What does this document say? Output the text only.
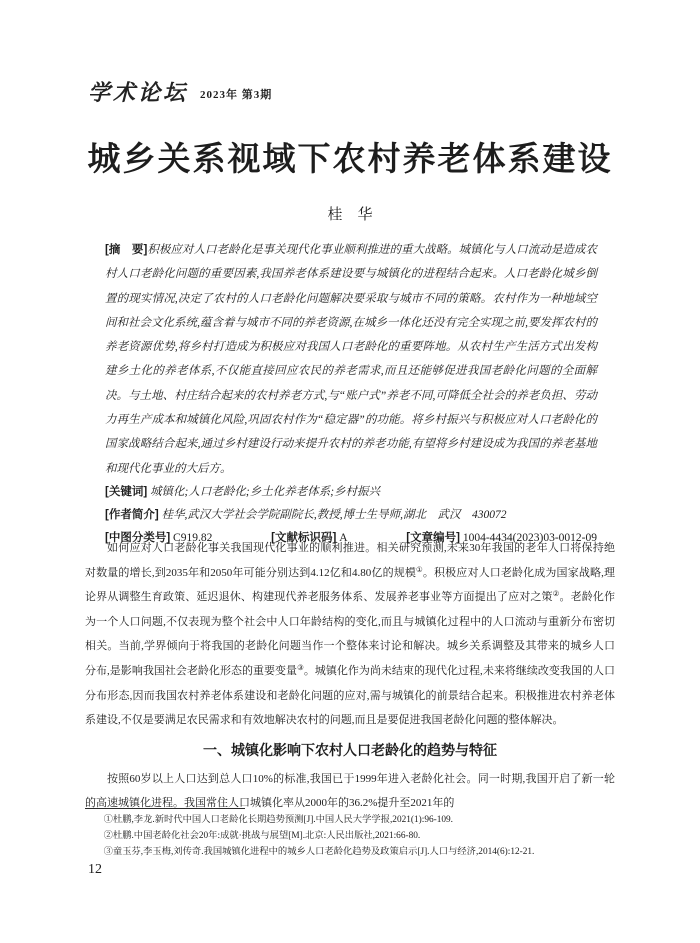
学术论坛 2023年 第3期
城乡关系视域下农村养老体系建设
桂　华

[摘　要]积极应对人口老龄化是事关现代化事业顺利推进的重大战略。城镇化与人口流动是造成农村人口老龄化问题的重要因素,我国养老体系建设要与城镇化的进程结合起来。人口老龄化城乡倒置的现实情况,决定了农村的人口老龄化问题解决要采取与城市不同的策略。农村作为一种地域空间和社会文化系统,蕴含着与城市不同的养老资源,在城乡一体化还没有完全实现之前,要发挥农村的养老资源优势,将乡村打造成为积极应对我国人口老龄化的重要阵地。从农村生产生活方式出发构建乡土化的养老体系,不仅能直接回应农民的养老需求,而且还能够促进我国老龄化问题的全面解决。与土地、村庄结合起来的农村养老方式,与“账户式”养老不同,可降低全社会的养老负担、劳动力再生产成本和城镇化风险,巩固农村作为“稳定器”的功能。将乡村振兴与积极应对人口老龄化的国家战略结合起来,通过乡村建设行动来提升农村的养老功能,有望将乡村建设成为我国的养老基地和现代化事业的大后方。

[关键词] 城镇化;人口老龄化;乡土化养老体系;乡村振兴

[作者简介] 桂华,武汉大学社会学院副院长,教授,博士生导师,湖北　武汉　430072

[中图分类号] C919.82	[文献标识码] A	[文章编号] 1004-4434(2023)03-0012-09

如何应对人口老龄化事关我国现代化事业的顺利推进。相关研究预测,未来30年我国的老年人口将保持绝对数量的增长,到2035年和2050年可能分别达到4.12亿和4.80亿的规模①。积极应对人口老龄化成为国家战略,理论界从调整生育政策、延迟退休、构建现代养老服务体系、发展养老事业等方面提出了应对之策②。老龄化作为一个人口问题,不仅表现为整个社会中人口年龄结构的变化,而且与城镇化过程中的人口流动与重新分布密切相关。当前,学界倾向于将我国的老龄化问题当作一个整体来讨论和解决。城乡关系调整及其带来的城乡人口分布,是影响我国社会老龄化形态的重要变量③。城镇化作为尚未结束的现代化过程,未来将继续改变我国的人口分布形态,因而我国农村养老体系建设和老龄化问题的应对,需与城镇化的前景结合起来。积极推进农村养老体系建设,不仅是要满足农民需求和有效地解决农村的问题,而且是要促进我国老龄化问题的整体解决。

一、城镇化影响下农村人口老龄化的趋势与特征

按照60岁以上人口达到总人口10%的标准,我国已于1999年进入老龄化社会。同一时期,我国开启了新一轮的高速城镇化进程。我国常住人口城镇化率从2000年的36.2%提升至2021年的

①杜鹏,李龙.新时代中国人口老龄化长期趋势预测[J].中国人民大学学报,2021(1):96-109.

②杜鹏.中国老龄化社会20年:成就·挑战与展望[M].北京:人民出版社,2021:66-80.

③童玉芬,李玉梅,刘传奇.我国城镇化进程中的城乡人口老龄化趋势及政策启示[J].人口与经济,2014(6):12-21.

12
